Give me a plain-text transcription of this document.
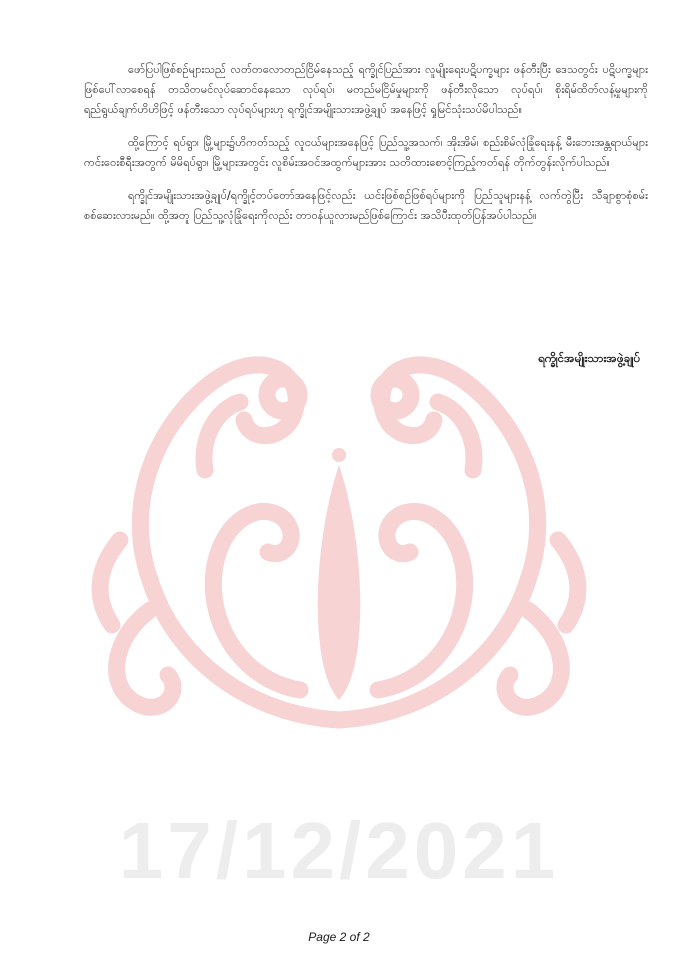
ဖော်ပြပါဖြစ်စဉ်များသည် လတ်တလောတည်ငြိမ်နေသည့် ရက္ခိုင်ပြည်အား လူမျိုးရေးပဋိပက္ခများ ဖန်တီးပြီး ဒေသတွင်း ပဋိပက္ခများဖြစ်ပေါ်လာစေရန် တသိတမင်လုပ်ဆောင်နေသော လုပ်ရပ်၊ မတည်မငြိမ်မှုများကို ဖန်တီးလိုသော လုပ်ရပ်၊ စိုးရိမ်ထိတ်လန့်မှုများကို ရည်ရွယ်ချက်ဟိဟိဖြင့် ဖန်တီးသော လုပ်ရပ်များဟု ရက္ခိုင်အမျိုးသားအဖွဲ့ချုပ် အနေဖြင့် ရှုမြင်သုံးသပ်မိပါသည်။

ထို့ကြောင့် ရပ်ရွာ၊ မြို့များ၌ဟိကတ်သည့် လူငယ်များအနေဖြင့် ပြည်သူ့အသက်၊ အိုးအိမ်၊ စည်းစိမ်လုံခြုံရေးနန့် မီးဘေးအန္တရာယ်များ ကင်းဝေးစီရီးအတွက် မိမိရပ်ရွာ၊ မြို့များအတွင်း လူစိမ်းအဝင်အထွက်များအား သတိထားစောင့်ကြည့်ကတ်ရန် တိုက်တွန်းလိုက်ပါသည်။

ရက္ခိုင်အမျိုးသားအဖွဲ့ချုပ်/ရက္ခိုင့်တပ်တော်အနေဖြင့်လည်း ယင်းဖြစ်စဉ်ဖြစ်ရပ်များကို ပြည်သူများနန့် လက်တွဲပြီး သီချာစွာစုံစမ်းစစ်ဆေးလားမည်။ ထို့အတူ ပြည်သူ့လုံခြုံရေးကိုလည်း တာဝန်ယူလားမည်ဖြစ်ကြောင်း အသိပီးထုတ်ပြန်အပ်ပါသည်။

ရက္ခိုင်အမျိုးသားအဖွဲ့ချုပ်
17/12/2021
Page 2 of 2
